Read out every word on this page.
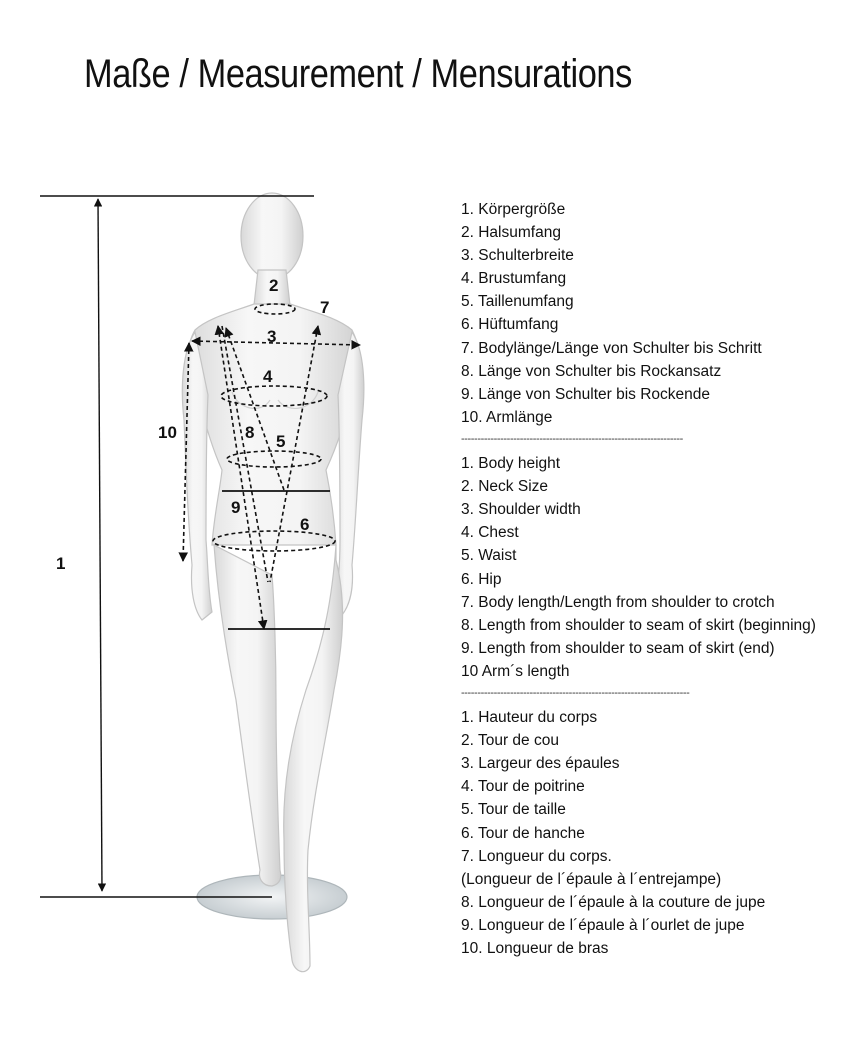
Maße / Measurement / Mensurations
1
2
3
4
5
6
7
8
9
10
1. Körpergröße
2. Halsumfang
3. Schulterbreite
4. Brustumfang
5. Taillenumfang
6. Hüftumfang
7. Bodylänge/Länge von Schulter bis Schritt
8. Länge von Schulter bis Rockansatz
9. Länge von Schulter bis Rockende
10. Armlänge
--------------------------------------------------------------------
1. Body height
2. Neck Size
3. Shoulder width
4. Chest
5. Waist
6. Hip
7. Body length/Length from shoulder to crotch
8. Length from shoulder to seam of skirt (beginning)
9. Length from shoulder to seam of skirt (end)
10 Arm´s length
----------------------------------------------------------------------
1. Hauteur du corps
2. Tour de cou
3. Largeur des épaules
4. Tour de poitrine
5. Tour de taille
6. Tour de hanche
7. Longueur du corps.
(Longueur de l´épaule à l´entrejampe)
8. Longueur de l´épaule à la couture de jupe
9. Longueur de l´épaule à l´ourlet de jupe
10. Longueur de bras
